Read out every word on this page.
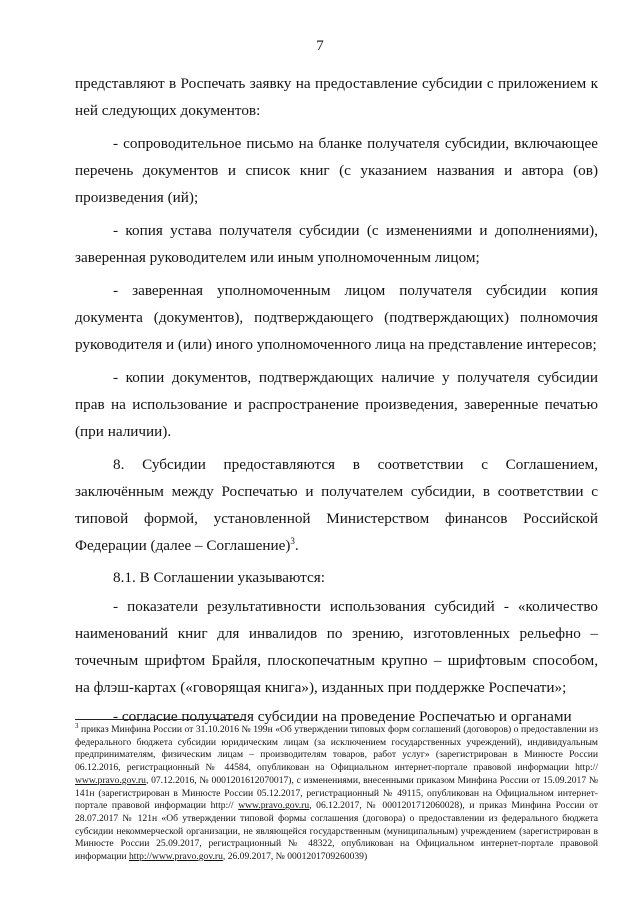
7

представляют в Роспечать заявку на предоставление субсидии с приложением к ней следующих документов:

- сопроводительное письмо на бланке получателя субсидии, включающее перечень документов и список книг (с указанием названия и автора (ов) произведения (ий);

- копия устава получателя субсидии (с изменениями и дополнениями), заверенная руководителем или иным уполномоченным лицом;

- заверенная уполномоченным лицом получателя субсидии копия документа (документов), подтверждающего (подтверждающих) полномочия руководителя и (или) иного уполномоченного лица на представление интересов;

- копии документов, подтверждающих наличие у получателя субсидии прав на использование и распространение произведения, заверенные печатью (при наличии).

8. Субсидии предоставляются в соответствии с Соглашением, заключённым между Роспечатью и получателем субсидии, в соответствии с типовой формой, установленной Министерством финансов Российской Федерации (далее – Соглашение)$^3$.

8.1. В Соглашении указываются:

- показатели результативности использования субсидий - «количество наименований книг для инвалидов по зрению, изготовленных рельефно – точечным шрифтом Брайля, плоскопечатным крупно – шрифтовым способом, на флэш-картах («говорящая книга»), изданных при поддержке Роспечати»;

- согласие получателя субсидии на проведение Роспечатью и органами

$^3$ приказ Минфина России от 31.10.2016 № 199н «Об утверждении типовых форм соглашений (договоров) о предоставлении из федерального бюджета субсидии юридическим лицам (за исключением государственных учреждений), индивидуальным предпринимателям, физическим лицам – производителям товаров, работ услуг» (зарегистрирован в Минюсте России 06.12.2016, регистрационный № 44584, опубликован на Официальном интернет-портале правовой информации http:// www.pravo.gov.ru, 07.12.2016, № 0001201612070017), с изменениями, внесенными приказом Минфина России от 15.09.2017 № 141н (зарегистрирован в Минюсте России 05.12.2017, регистрационный № 49115, опубликован на Официальном интернет-портале правовой информации http:// www.pravo.gov.ru, 06.12.2017, № 0001201712060028), и приказ Минфина России от 28.07.2017 № 121н «Об утверждении типовой формы соглашения (договора) о предоставлении из федерального бюджета субсидии некоммерческой организации, не являющейся государственным (муниципальным) учреждением (зарегистрирован в Минюсте России 25.09.2017, регистрационный № 48322, опубликован на Официальном интернет-портале правовой информации http://www.pravo.gov.ru, 26.09.2017, № 0001201709260039)
